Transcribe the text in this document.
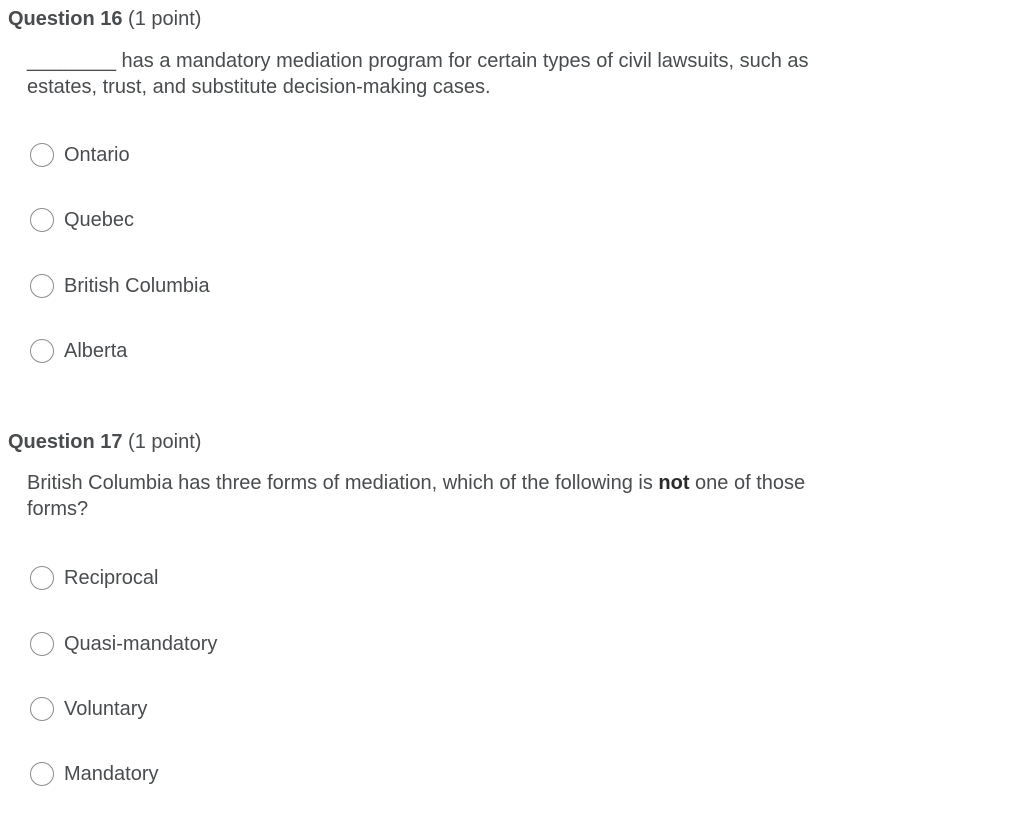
Question 16 (1 point)
________ has a mandatory mediation program for certain types of civil lawsuits, such as estates, trust, and substitute decision-making cases.
Ontario
Quebec
British Columbia
Alberta
Question 17 (1 point)
British Columbia has three forms of mediation, which of the following is not one of those forms?
Reciprocal
Quasi-mandatory
Voluntary
Mandatory
